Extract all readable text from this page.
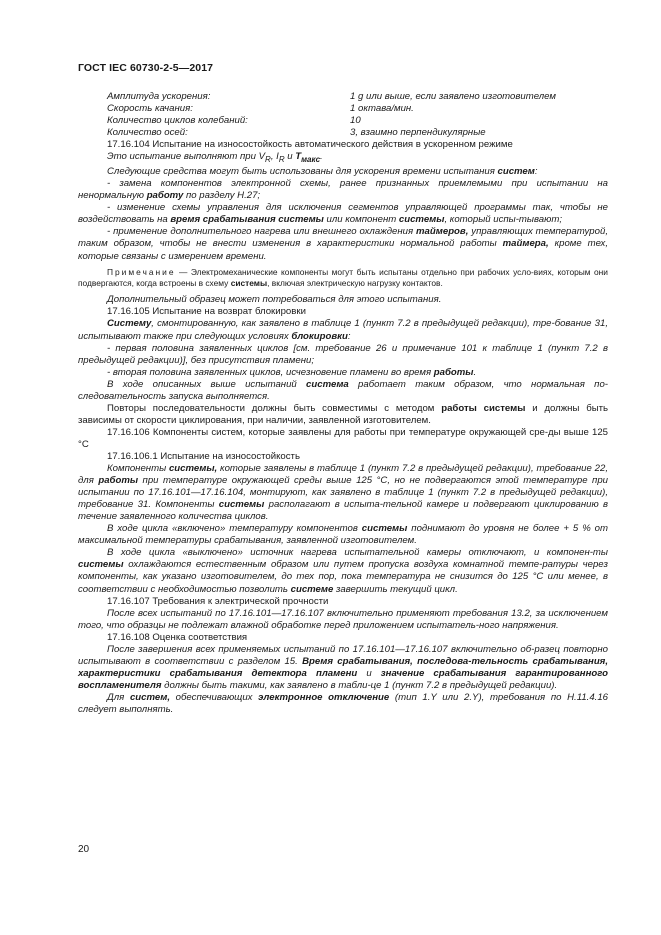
ГОСТ IEC 60730-2-5—2017
Амплитуда ускорения:	1 g или выше, если заявлено изготовителем
Скорость качания:	1 октава/мин.
Количество циклов колебаний:	10
Количество осей:	3, взаимно перпендикулярные

17.16.104 Испытание на износостойкость автоматического действия в ускоренном режиме

Это испытание выполняют при $V_R$, $I_R$ и $T_{макс}$.

Следующие средства могут быть использованы для ускорения времени испытания систем:

- замена компонентов электронной схемы, ранее признанных приемлемыми при испытании на ненормальную работу по разделу Н.27;

- изменение схемы управления для исключения сегментов управляющей программы так, чтобы не воздействовать на время срабатывания системы или компонент системы, который испы-тывают;

- применение дополнительного нагрева или внешнего охлаждения таймеров, управляющих температурой, таким образом, чтобы не внести изменения в характеристики нормальной работы таймера, кроме тех, которые связаны с измерением времени.

Примечание — Электромеханические компоненты могут быть испытаны отдельно при рабочих усло-виях, которым они подвергаются, когда встроены в схему системы, включая электрическую нагрузку контактов.

Дополнительный образец может потребоваться для этого испытания.

17.16.105 Испытание на возврат блокировки

Систему, смонтированную, как заявлено в таблице 1 (пункт 7.2 в предыдущей редакции), тре-бование 31, испытывают также при следующих условиях блокировки:

- первая половина заявленных циклов [см. требование 26 и примечание 101 к таблице 1 (пункт 7.2 в предыдущей редакции)], без присутствия пламени;

- вторая половина заявленных циклов, исчезновение пламени во время работы.

В ходе описанных выше испытаний система работает таким образом, что нормальная по-следовательность запуска выполняется.

Повторы последовательности должны быть совместимы с методом работы системы и должны быть зависимы от скорости циклирования, при наличии, заявленной изготовителем.

17.16.106 Компоненты систем, которые заявлены для работы при температуре окружающей сре-ды выше 125 °С

17.16.106.1 Испытание на износостойкость

Компоненты системы, которые заявлены в таблице 1 (пункт 7.2 в предыдущей редакции), требование 22, для работы при температуре окружающей среды выше 125 °С, но не подвергаются этой температуре при испытании по 17.16.101—17.16.104, монтируют, как заявлено в таблице 1 (пункт 7.2 в предыдущей редакции), требование 31. Компоненты системы располагают в испыта-тельной камере и подвергают циклированию в течение заявленного количества циклов.

В ходе цикла «включено» температуру компонентов системы поднимают до уровня не более + 5 % от максимальной температуры срабатывания, заявленной изготовителем.

В ходе цикла «выключено» источник нагрева испытательной камеры отключают, и компонен-ты системы охлаждаются естественным образом или путем пропуска воздуха комнатной темпе-ратуры через компоненты, как указано изготовителем, до тех пор, пока температура не снизится до 125 °С или менее, в соответствии с необходимостью позволить системе завершить текущий цикл.

17.16.107 Требования к электрической прочности

После всех испытаний по 17.16.101—17.16.107 включительно применяют требования 13.2, за исключением того, что образцы не подлежат влажной обработке перед приложением испытатель-ного напряжения.

17.16.108 Оценка соответствия

После завершения всех применяемых испытаний по 17.16.101—17.16.107 включительно об-разец повторно испытывают в соответствии с разделом 15. Время срабатывания, последова-тельность срабатывания, характеристики срабатывания детектора пламени и значение срабатывания гарантированного воспламенителя должны быть такими, как заявлено в табли-це 1 (пункт 7.2 в предыдущей редакции).

Для систем, обеспечивающих электронное отключение (тип 1.Y или 2.Y), требования по Н.11.4.16 следует выполнять.

20
